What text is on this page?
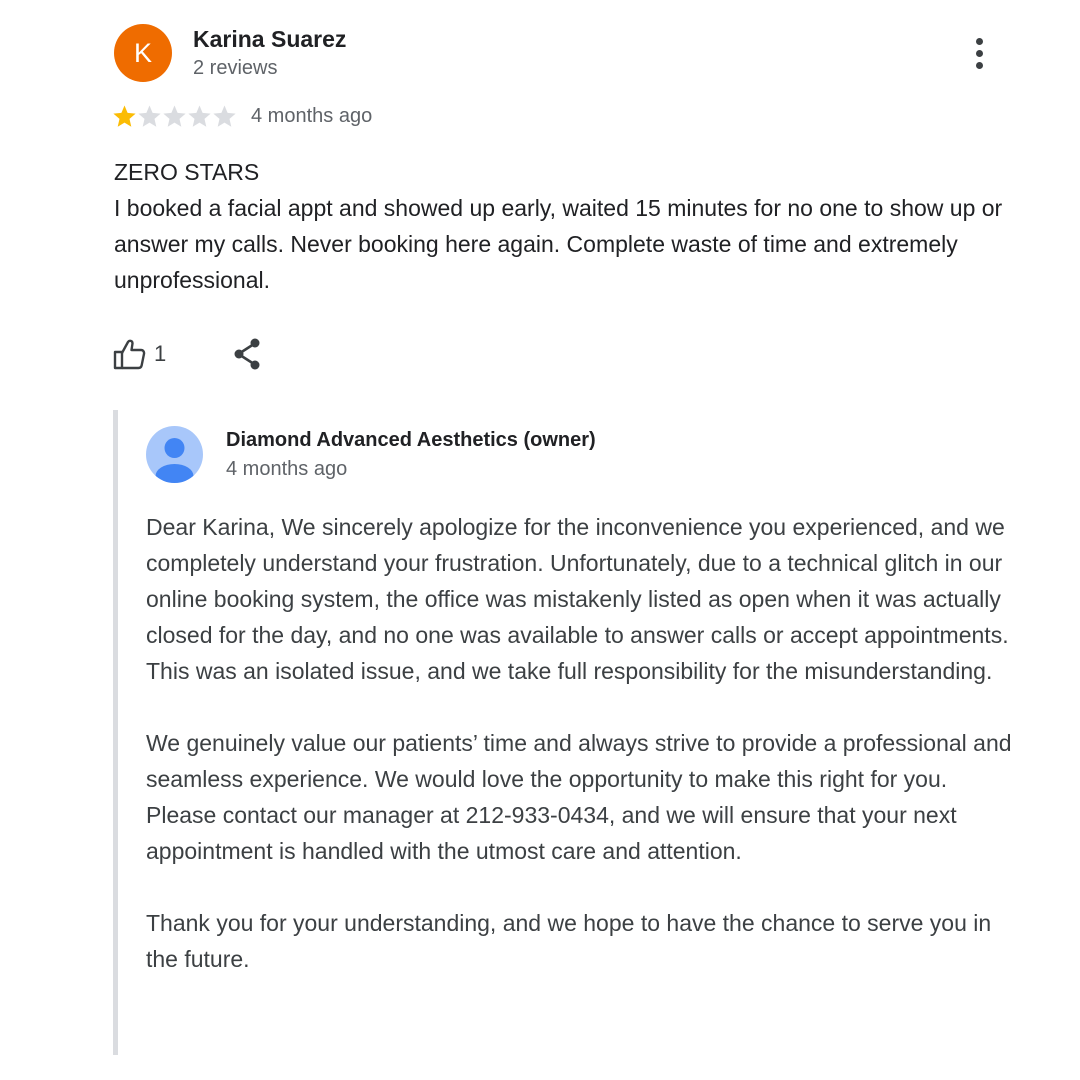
K	Karina Suarez
2 reviews
4 months ago

ZERO STARS

I booked a facial appt and showed up early, waited 15 minutes for no one to show up or answer my calls. Never booking here again. Complete waste of time and extremely unprofessional.

1
Diamond Advanced Aesthetics (owner)
4 months ago

Dear Karina, We sincerely apologize for the inconvenience you experienced, and we completely understand your frustration. Unfortunately, due to a technical glitch in our online booking system, the office was mistakenly listed as open when it was actually closed for the day, and no one was available to answer calls or accept appointments. This was an isolated issue, and we take full responsibility for the misunderstanding.

We genuinely value our patients’ time and always strive to provide a professional and seamless experience. We would love the opportunity to make this right for you. Please contact our manager at 212-933-0434, and we will ensure that your next appointment is handled with the utmost care and attention.

Thank you for your understanding, and we hope to have the chance to serve you in the future.
